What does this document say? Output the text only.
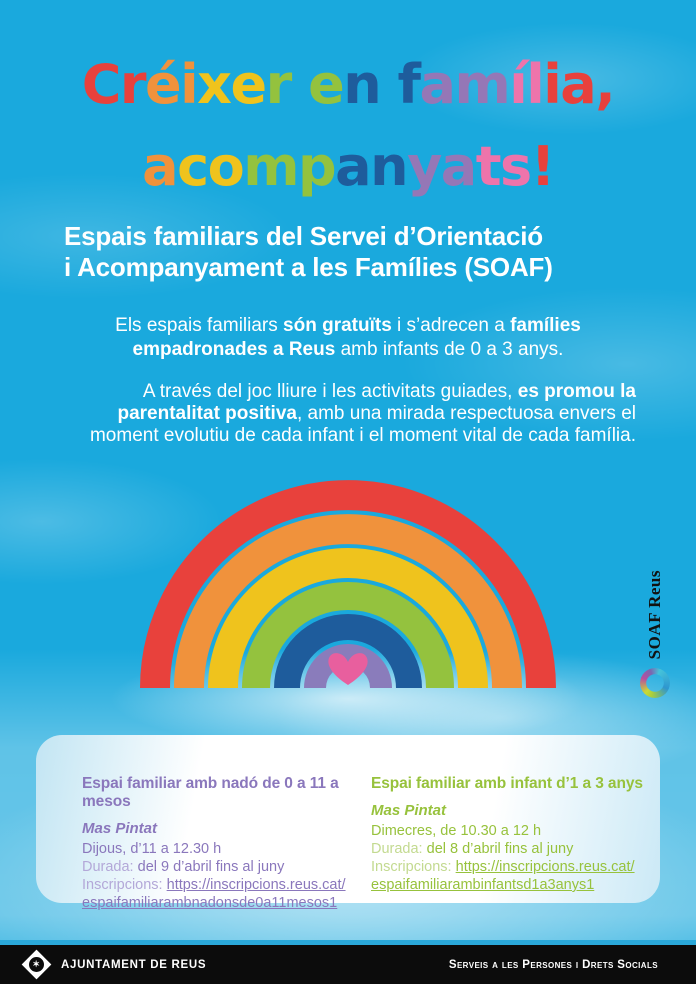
Créixer en família,
acompanyats!
Espais familiars del Servei d’Orientació
i Acompanyament a les Famílies (SOAF)
Els espais familiars són gratuïts i s’adrecen a famílies
empadronades a Reus amb infants de 0 a 3 anys.
A través del joc lliure i les activitats guiades, es promou la
parentalitat positiva, amb una mirada respectuosa envers el
moment evolutiu de cada infant i el moment vital de cada família.
SOAF Reus
Espai familiar amb nadó de 0 a 11 a mesos
Mas Pintat
Dijous, d’11 a 12.30 h
Durada: del 9 d’abril fins al juny
Inscripcions: https://inscripcions.reus.cat/
espaifamiliarambnadonsde0a11mesos1
Espai familiar amb infant d’1 a 3 anys
Mas Pintat
Dimecres, de 10.30 a 12 h
Durada: del 8 d’abril fins al juny
Inscripcions: https://inscripcions.reus.cat/
espaifamiliarambinfantsd1a3anys1
✶ AJUNTAMENT DE REUS	Serveis a les Persones i Drets Socials
